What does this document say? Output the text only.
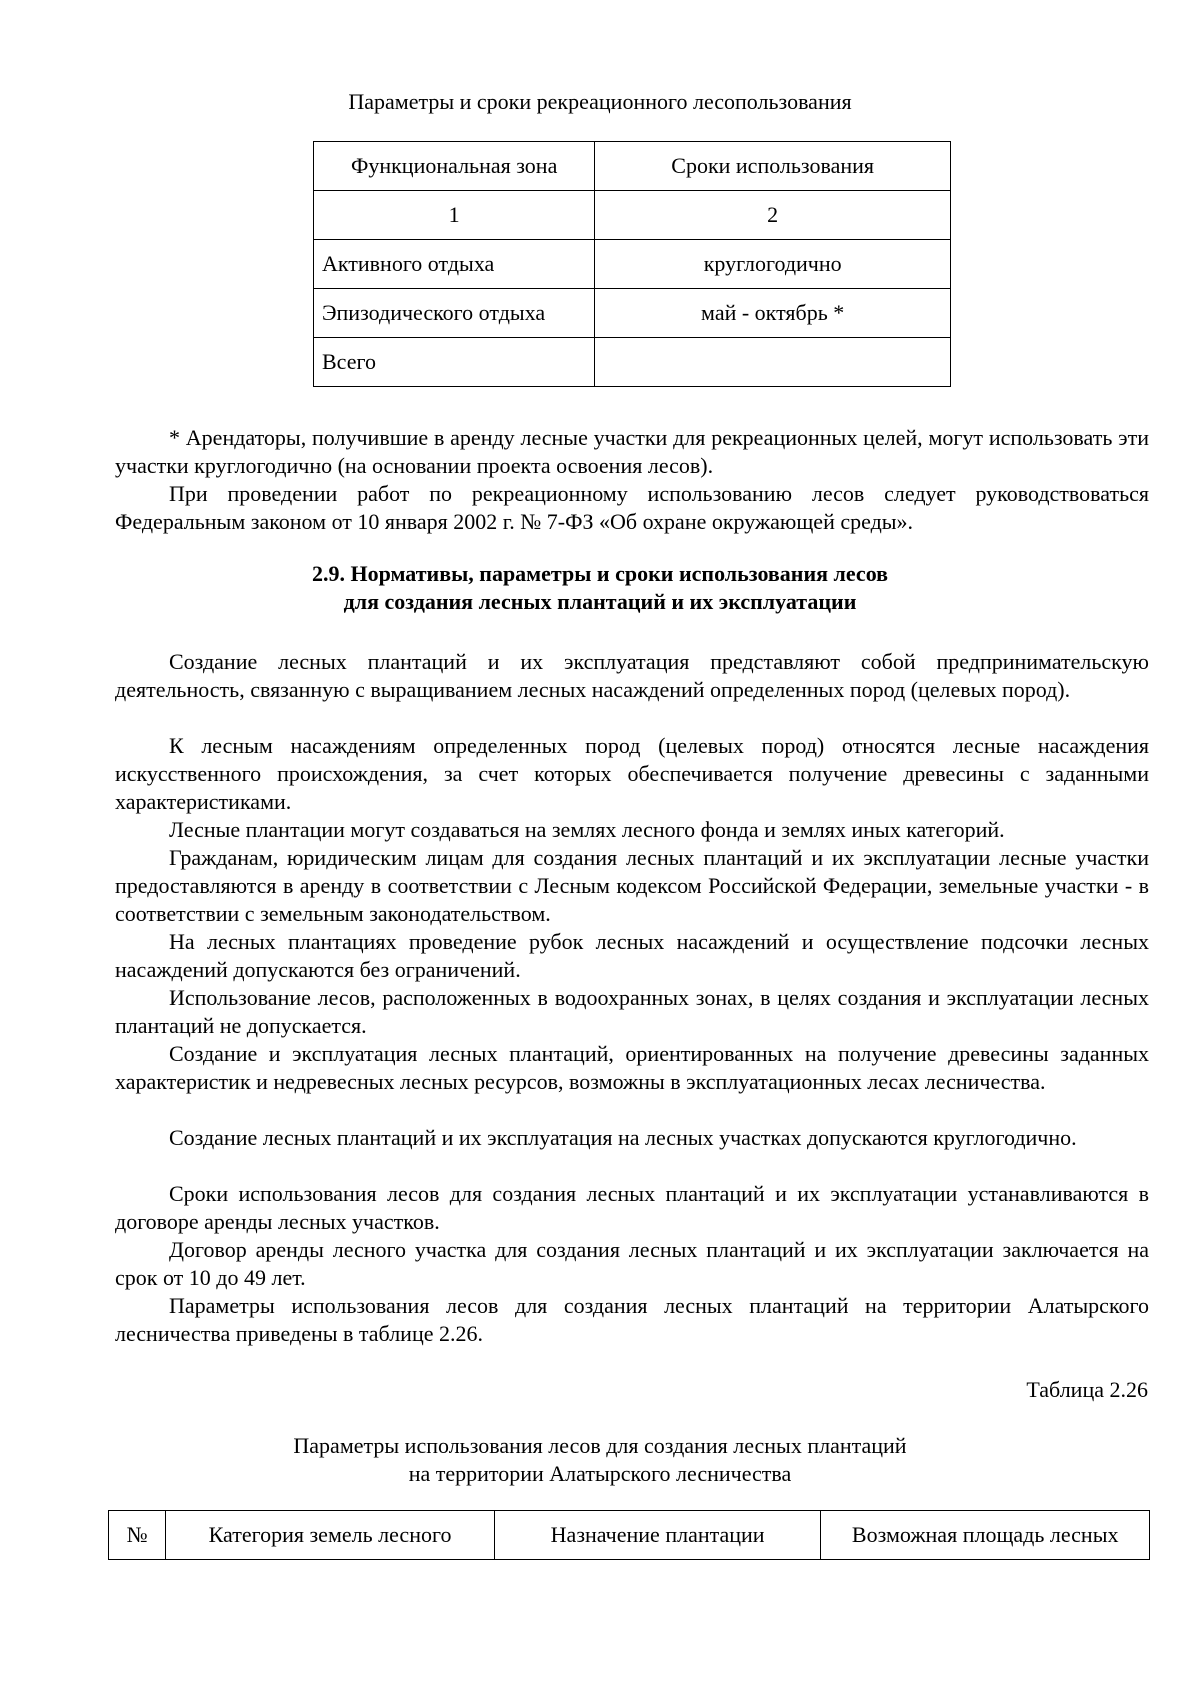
Параметры и сроки рекреационного лесопользования
Функциональная зона	Сроки использования
1	2
Активного отдыха	круглогодично
Эпизодического отдыха	май - октябрь *
Всего	

* Арендаторы, получившие в аренду лесные участки для рекреационных целей, могут использовать эти участки круглогодично (на основании проекта освоения лесов).

При проведении работ по рекреационному использованию лесов следует руководствоваться Федеральным законом от 10 января 2002 г. № 7-ФЗ «Об охране окружающей среды».

2.9. Нормативы, параметры и сроки использования лесов
для создания лесных плантаций и их эксплуатации

Создание лесных плантаций и их эксплуатация представляют собой предпринимательскую деятельность, связанную с выращиванием лесных насаждений определенных пород (целевых пород).

К лесным насаждениям определенных пород (целевых пород) относятся лесные насаждения искусственного происхождения, за счет которых обеспечивается получение древесины с заданными характеристиками.

Лесные плантации могут создаваться на землях лесного фонда и землях иных категорий.

Гражданам, юридическим лицам для создания лесных плантаций и их эксплуатации лесные участки предоставляются в аренду в соответствии с Лесным кодексом Российской Федерации, земельные участки - в соответствии с земельным законодательством.

На лесных плантациях проведение рубок лесных насаждений и осуществление подсочки лесных насаждений допускаются без ограничений.

Использование лесов, расположенных в водоохранных зонах, в целях создания и эксплуатации лесных плантаций не допускается.

Создание и эксплуатация лесных плантаций, ориентированных на получение древесины заданных характеристик и недревесных лесных ресурсов, возможны в эксплуатационных лесах лесничества.

Создание лесных плантаций и их эксплуатация на лесных участках допускаются круглогодично.

Сроки использования лесов для создания лесных плантаций и их эксплуатации устанавливаются в договоре аренды лесных участков.

Договор аренды лесного участка для создания лесных плантаций и их эксплуатации заключается на срок от 10 до 49 лет.

Параметры использования лесов для создания лесных плантаций на территории Алатырского лесничества приведены в таблице 2.26.

Таблица 2.26
Параметры использования лесов для создания лесных плантаций
на территории Алатырского лесничества
№	Категория земель лесного	Назначение плантации	Возможная площадь лесных
